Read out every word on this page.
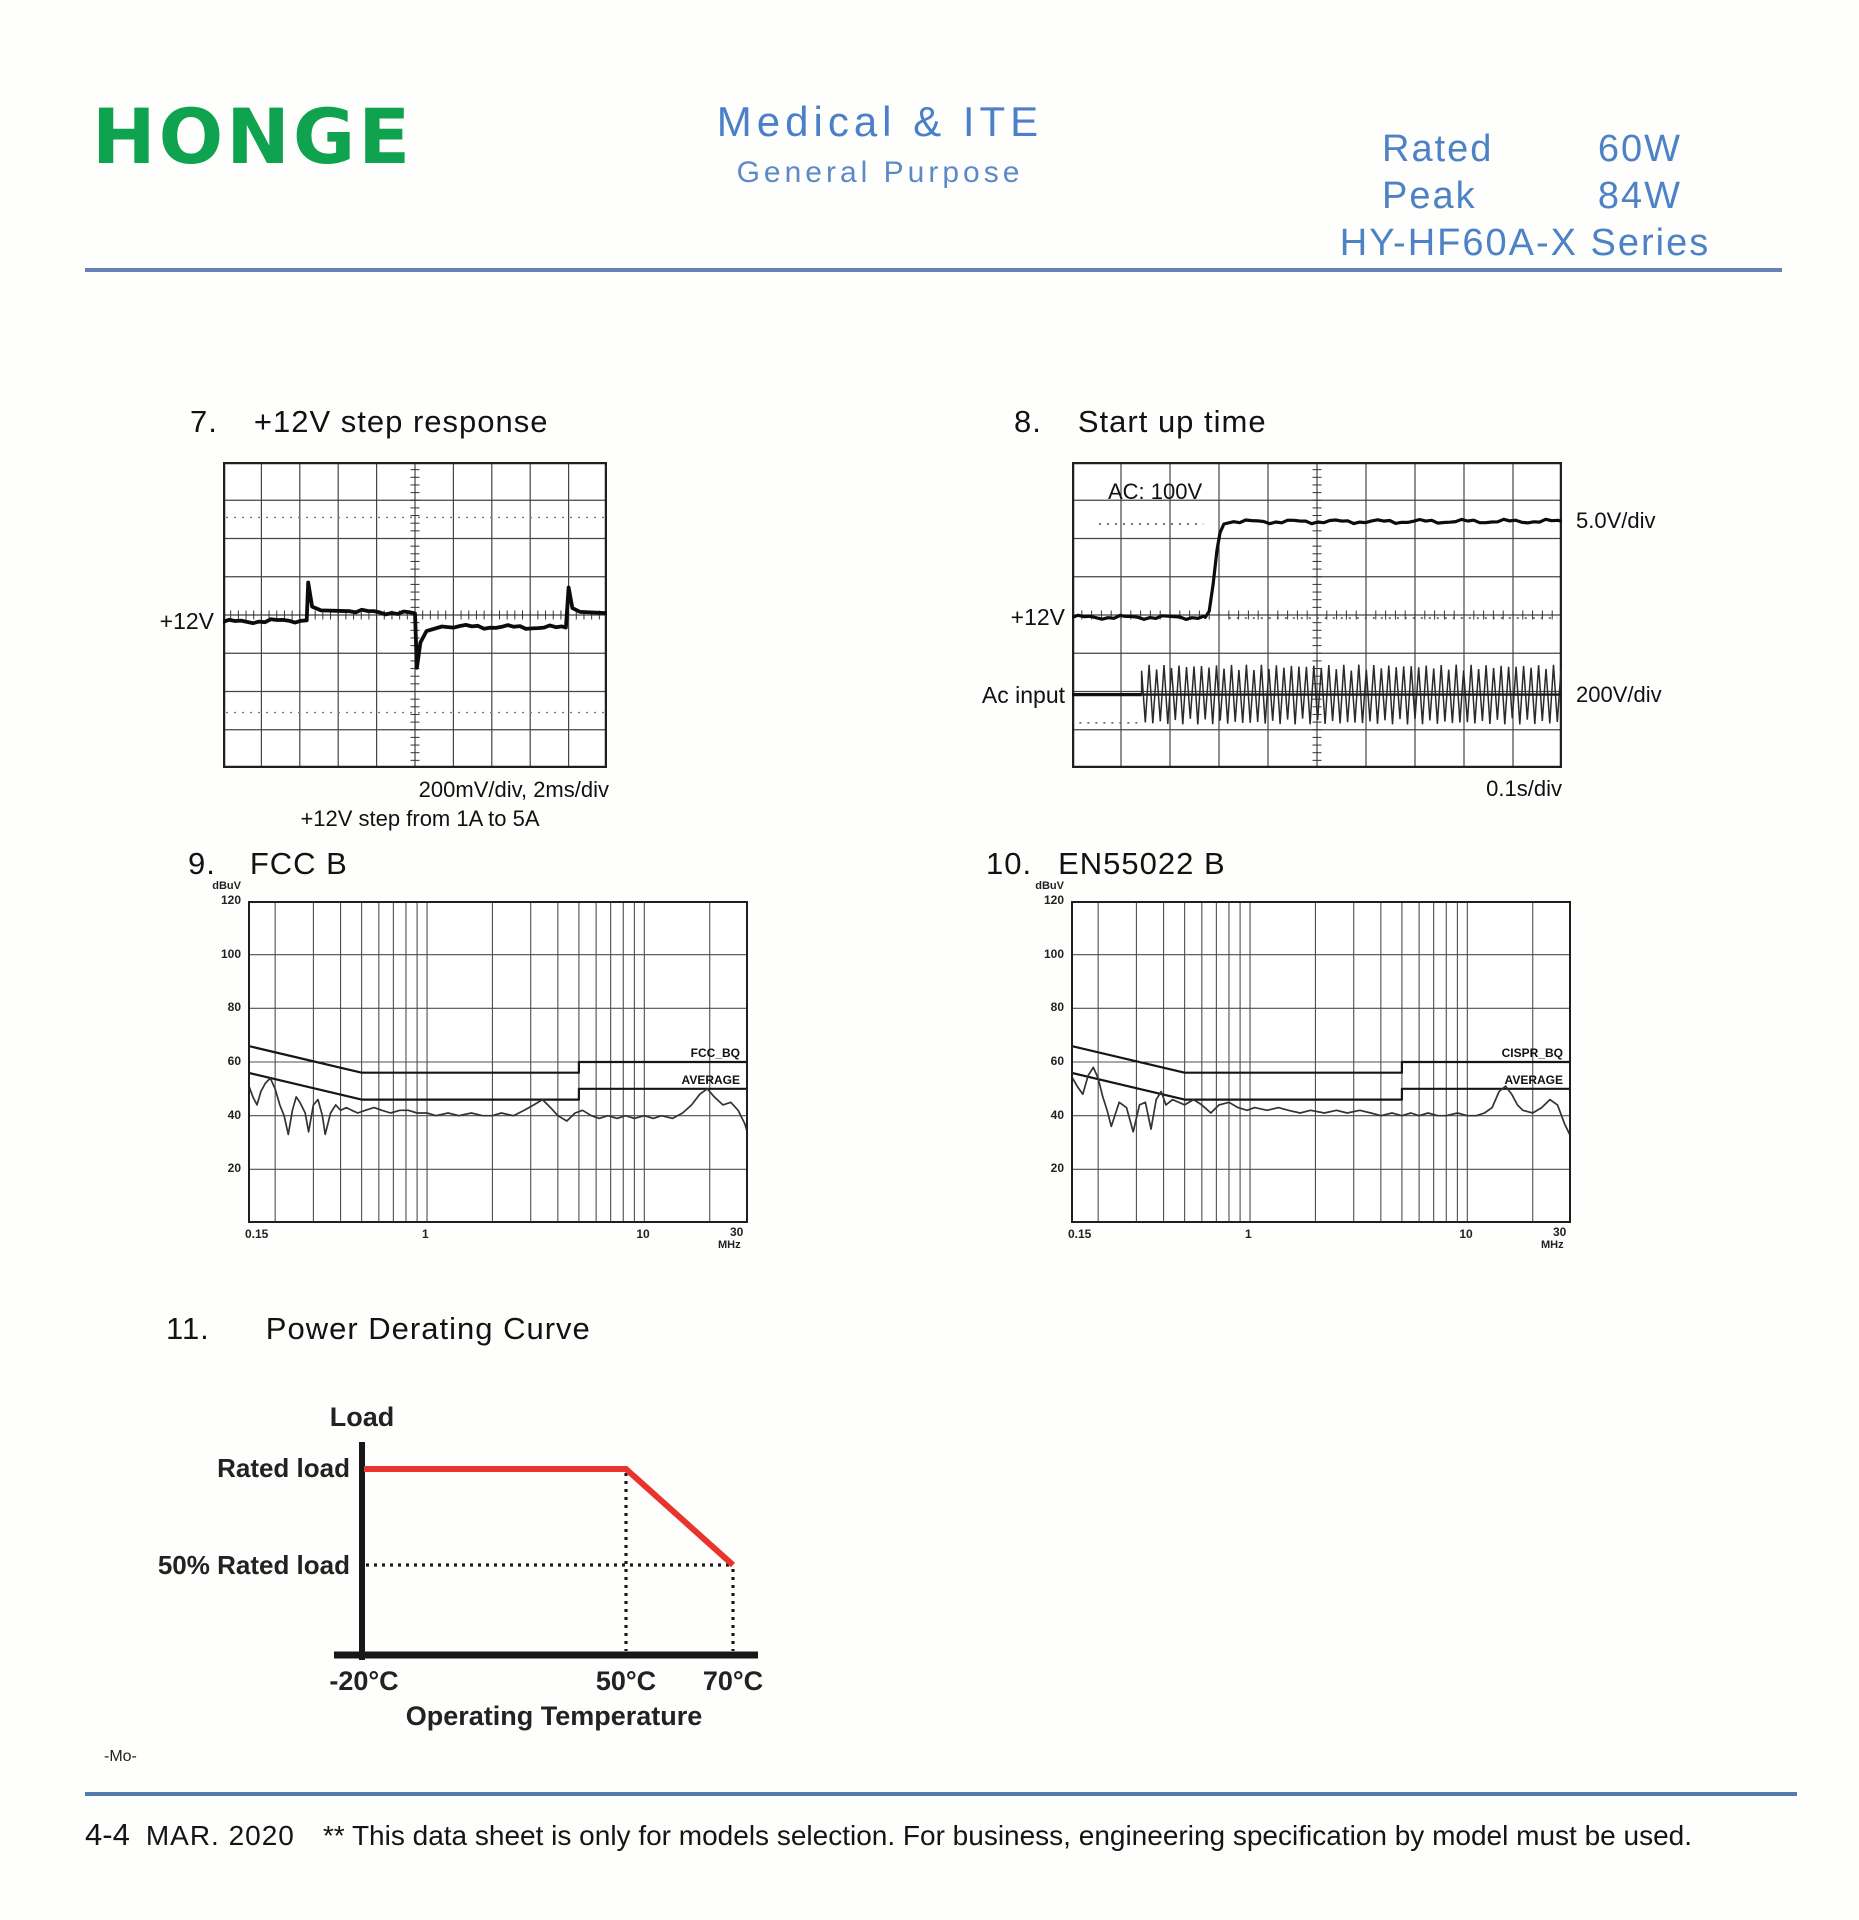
HONGE	Medical & ITE
General Purpose
Rated	60W
Peak	84W
HY-HF60A-X Series
7. +12V step response
+12V
200mV/div, 2ms/div
+12V step from 1A to 5A
8. Start up time
AC: 100V
+12V
Ac input
5.0V/div
200V/div
0.1s/div
9. FCC B
FCC_BQ
AVERAGE
dBuV
120
100
80
60
40
20
0.15	1	10	30
MHz
10. EN55022 B
CISPR_BQ
AVERAGE
dBuV
120
100
80
60
40
20
0.15	1	10	30
MHz
11. Power Derating Curve
Load
Rated load
50% Rated load
-20°C	50°C	70°C
Operating Temperature
-Mo-
4-4 MAR. 2020 ** This data sheet is only for models selection. For business, engineering specification by model must be used.
